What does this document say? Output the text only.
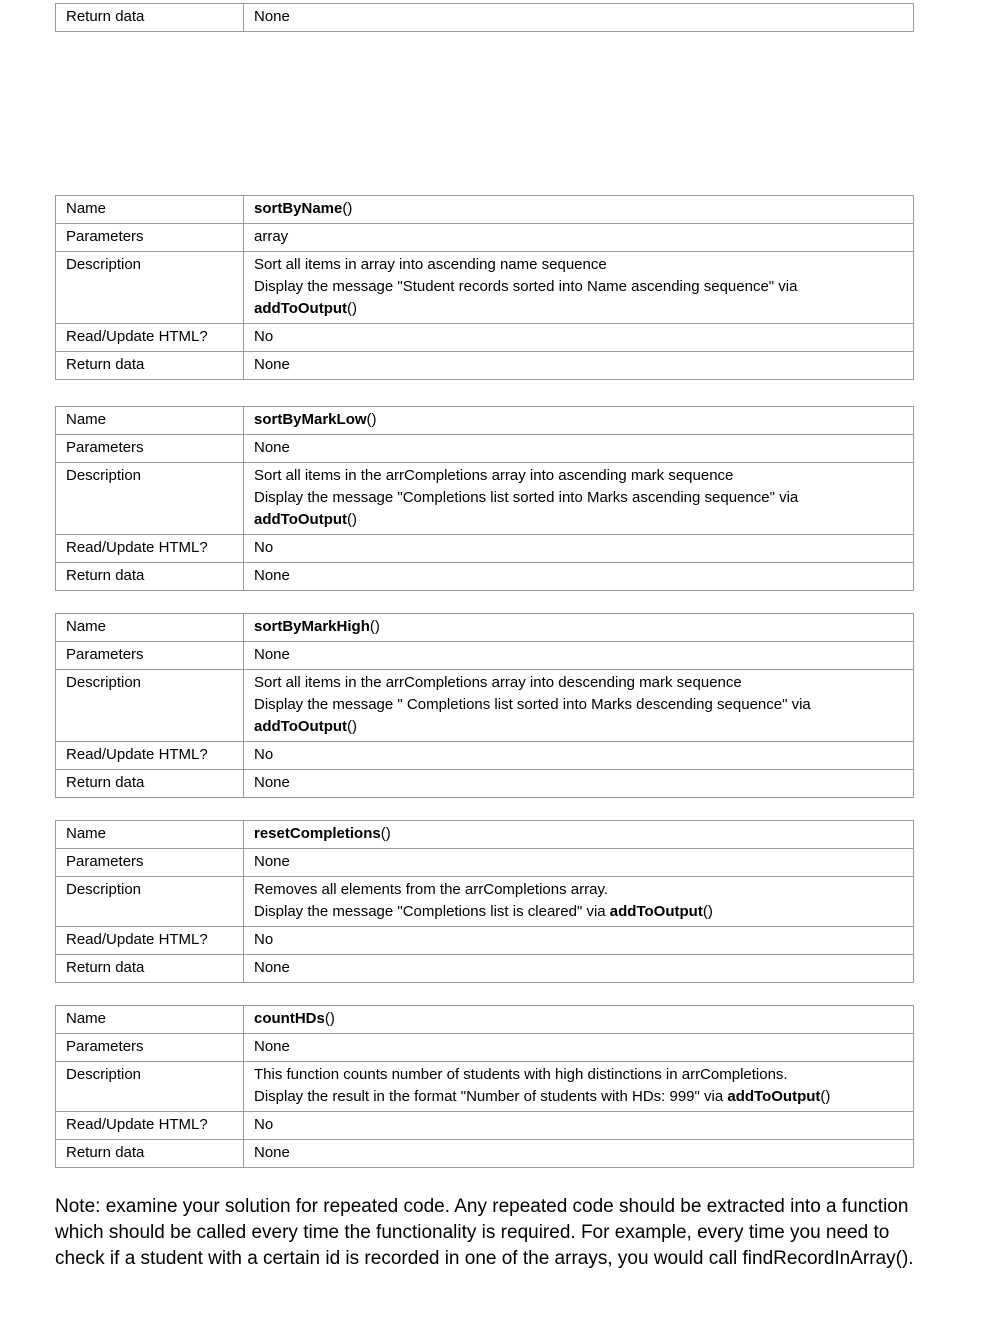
Return data	None
Name	sortByName()
Parameters	array
Description	Sort all items in array into ascending name sequence
Display the message "Student records sorted into Name ascending sequence" via
addToOutput()

Read/Update HTML?	No
Return data	None
Name	sortByMarkLow()
Parameters	None
Description	Sort all items in the arrCompletions array into ascending mark sequence
Display the message "Completions list sorted into Marks ascending sequence" via
addToOutput()

Read/Update HTML?	No
Return data	None
Name	sortByMarkHigh()
Parameters	None
Description	Sort all items in the arrCompletions array into descending mark sequence
Display the message " Completions list sorted into Marks descending sequence" via
addToOutput()

Read/Update HTML?	No
Return data	None
Name	resetCompletions()
Parameters	None
Description	Removes all elements from the arrCompletions array.
Display the message "Completions list is cleared" via addToOutput()

Read/Update HTML?	No
Return data	None
Name	countHDs()
Parameters	None
Description	This function counts number of students with high distinctions in arrCompletions.
Display the result in the format "Number of students with HDs: 999" via addToOutput()

Read/Update HTML?	No
Return data	None

Note: examine your solution for repeated code. Any repeated code should be extracted into a function which should be called every time the functionality is required. For example, every time you need to check if a student with a certain id is recorded in one of the arrays, you would call findRecordInArray().
